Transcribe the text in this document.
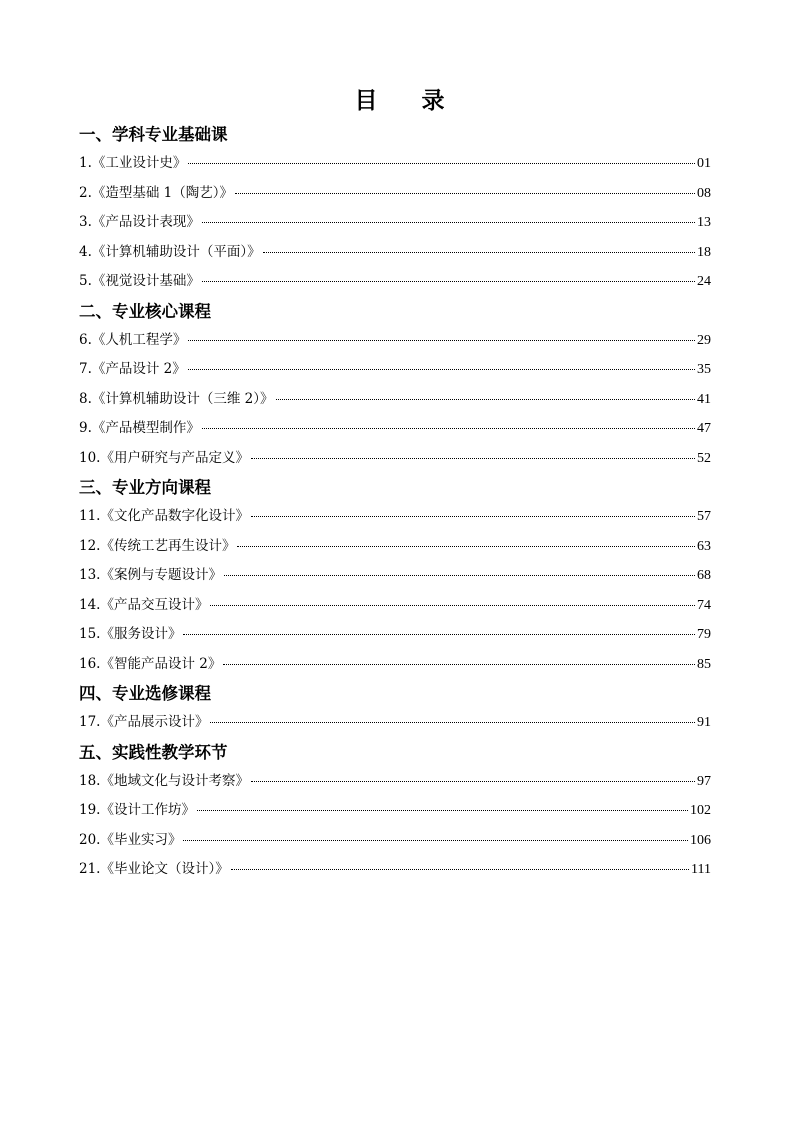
目 录
一、学科专业基础课
1.《工业设计史》	01
2.《造型基础 1（陶艺）》	08
3.《产品设计表现》	13
4.《计算机辅助设计（平面）》	18
5.《视觉设计基础》	24
二、专业核心课程
6.《人机工程学》	29
7.《产品设计 2》	35
8.《计算机辅助设计（三维 2）》	41
9.《产品模型制作》	47
10.《用户研究与产品定义》	52
三、专业方向课程
11.《文化产品数字化设计》	57
12.《传统工艺再生设计》	63
13.《案例与专题设计》	68
14.《产品交互设计》	74
15.《服务设计》	79
16.《智能产品设计 2》	85
四、专业选修课程
17.《产品展示设计》	91
五、实践性教学环节
18.《地域文化与设计考察》	97
19.《设计工作坊》	102
20.《毕业实习》	106
21.《毕业论文（设计）》	111
